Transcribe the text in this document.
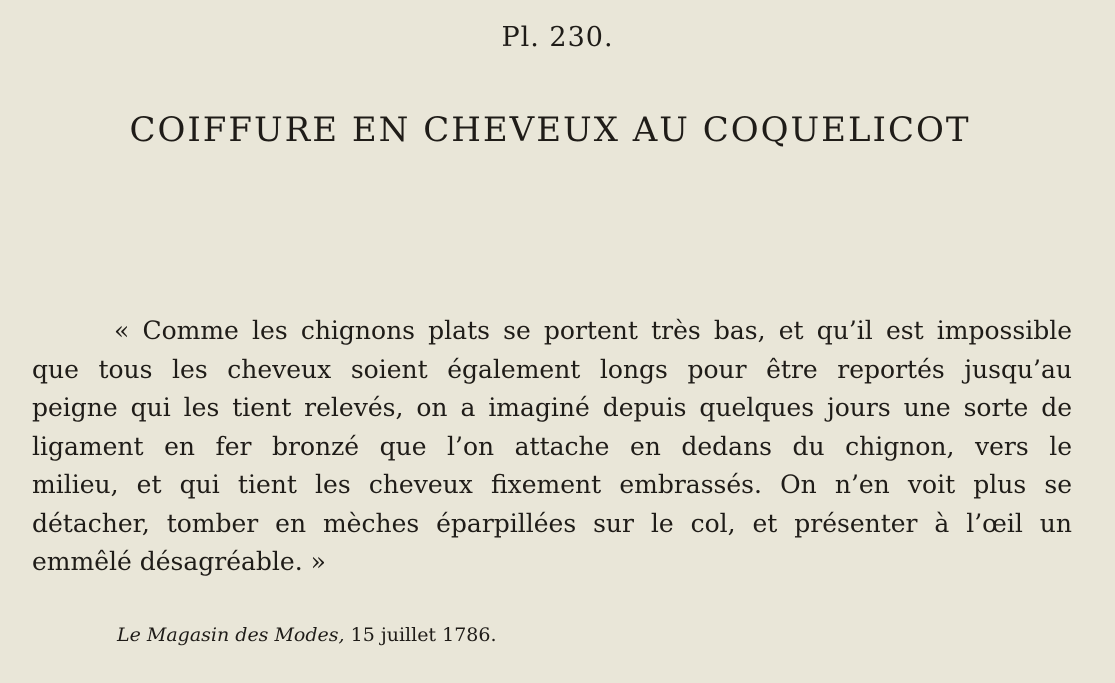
Pl. 230.
COIFFURE EN CHEVEUX AU COQUELICOT
« Comme les chignons plats se portent très bas, et qu’il est impossible
que tous les cheveux soient également longs pour être reportés jusqu’au
peigne qui les tient relevés, on a imaginé depuis quelques jours une sorte de
ligament en fer bronzé que l’on attache en dedans du chignon, vers le
milieu, et qui tient les cheveux fixement embrassés. On n’en voit plus se
détacher, tomber en mèches éparpillées sur le col, et présenter à l’œil un
emmêlé désagréable. »
Le Magasin des Modes, 15 juillet 1786.
